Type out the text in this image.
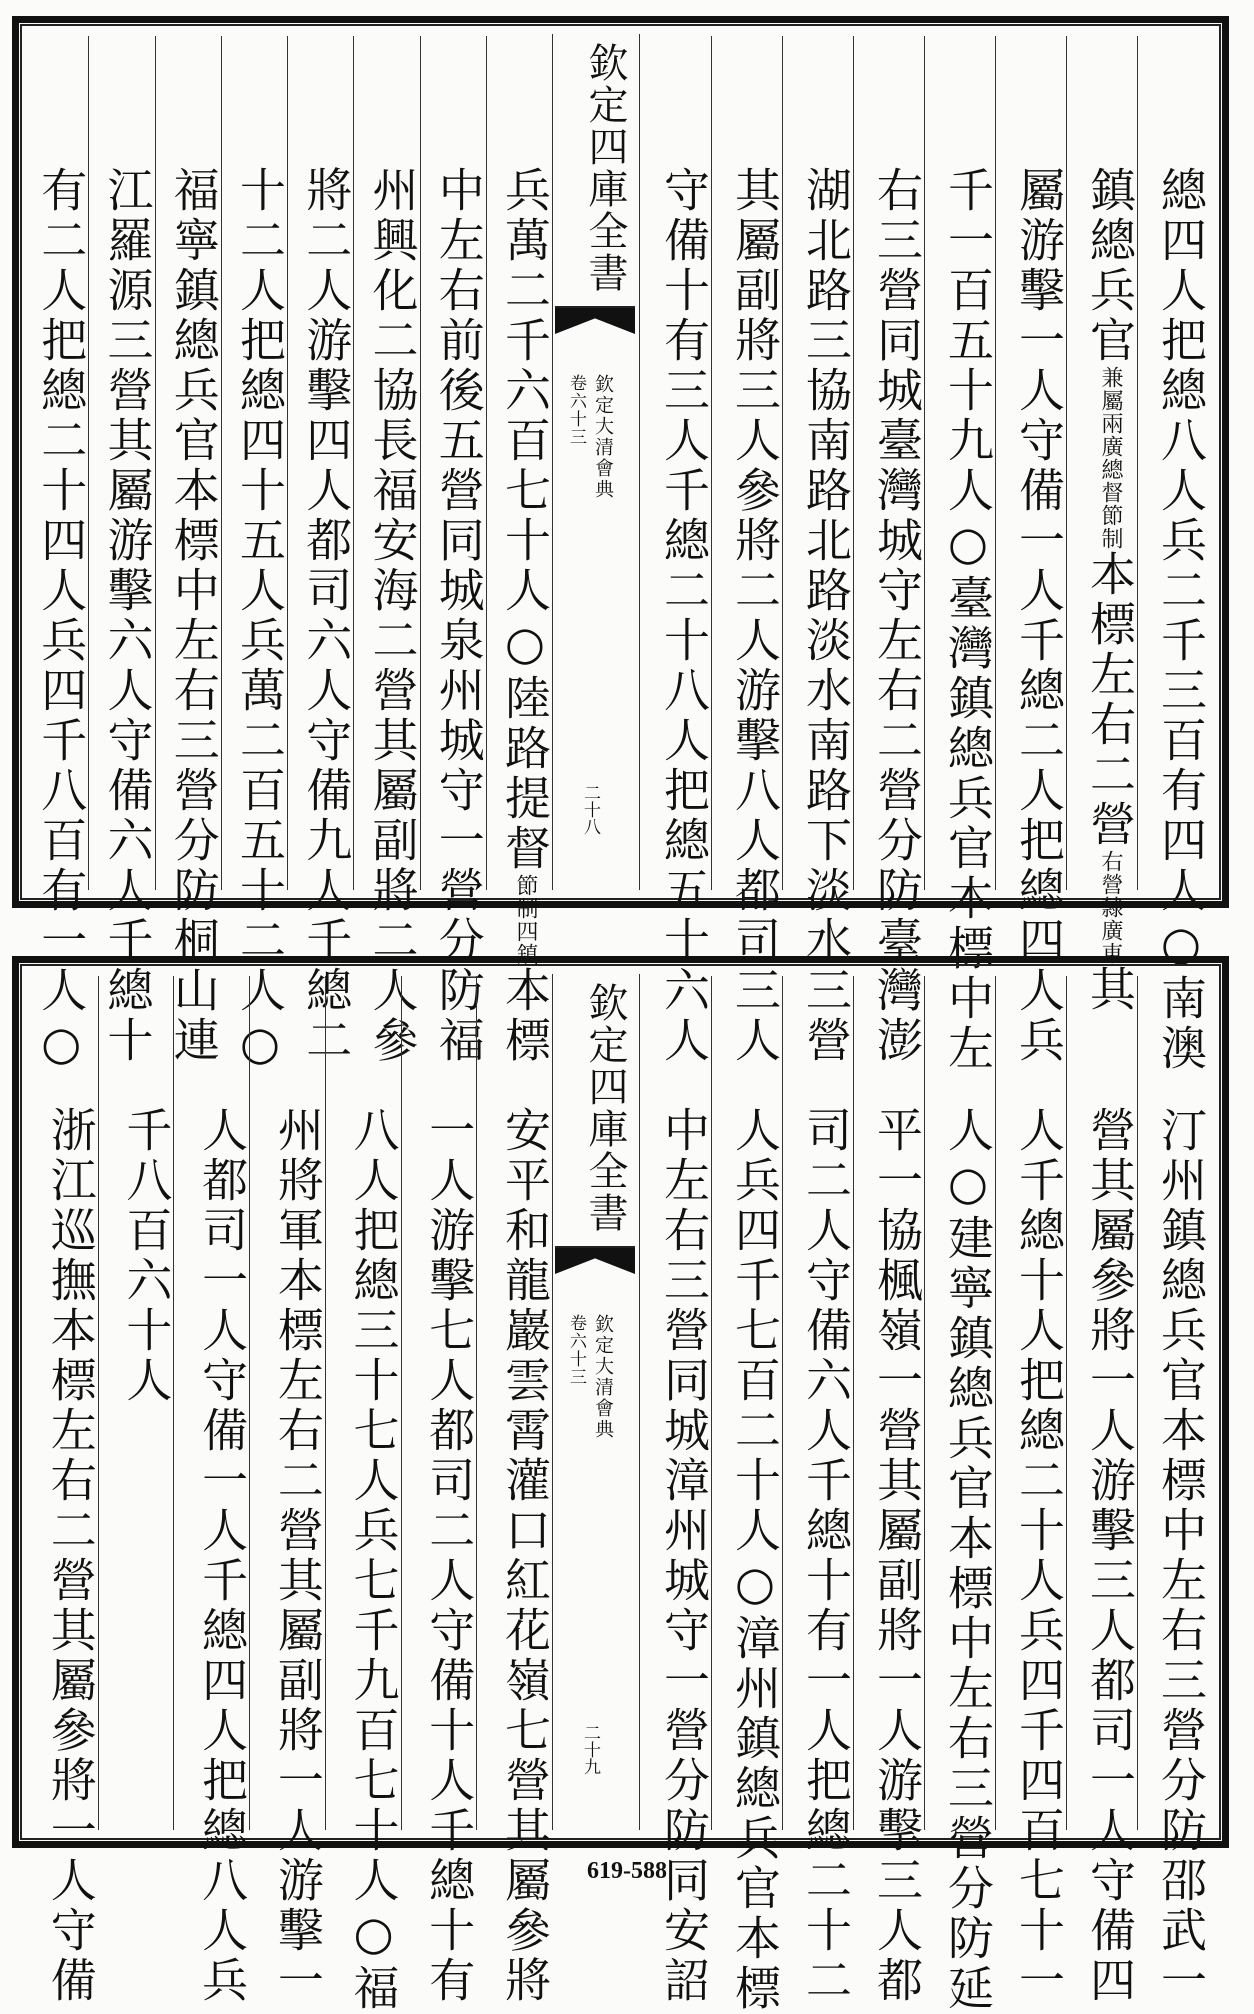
總四人把總八人兵二千三百有四人○南澳
鎮總兵官兼屬兩廣總督節制本標左右二營右營隸廣東其
屬游擊一人守備一人千總二人把總四人兵
千一百五十九人○臺灣鎮總兵官本標中左
右三營同城臺灣城守左右二營分防臺灣澎
湖北路三協南路北路淡水南路下淡水三營
其屬副將三人參將二人游擊八人都司三人
守備十有三人千總二十八人把總五十六人
欽定四庫全書
欽定大清會典
卷六十三
二十八
兵萬二千六百七十人○陸路提督節制四鎮本標
中左右前後五營同城泉州城守一營分防福
州興化二協長福安海二營其屬副將二人參
將二人游擊四人都司六人守備九人千總二
十二人把總四十五人兵萬二百五十二人○
福寧鎮總兵官本標中左右三營分防桐山連
江羅源三營其屬游擊六人守備六人千總十
有二人把總二十四人兵四千八百有一人○
汀州鎮總兵官本標中左右三營分防邵武一
營其屬參將一人游擊三人都司一人守備四
人千總十人把總二十人兵四千四百七十一
人○建寧鎮總兵官本標中左右三營分防延
平一協楓嶺一營其屬副將一人游擊三人都
司二人守備六人千總十有一人把總二十二
人兵四千七百二十人○漳州鎮總兵官本標
中左右三營同城漳州城守一營分防同安詔
欽定四庫全書
欽定大清會典
卷六十三
二十九
安平和龍巖雲霄灌口紅花嶺七營其屬參將
一人游擊七人都司二人守備十人千總十有
八人把總三十七人兵七千九百七十人○福
州將軍本標左右二營其屬副將一人游擊一
人都司一人守備一人千總四人把總八人兵
千八百六十人
浙江巡撫本標左右二營其屬參將一人守備	619-588
